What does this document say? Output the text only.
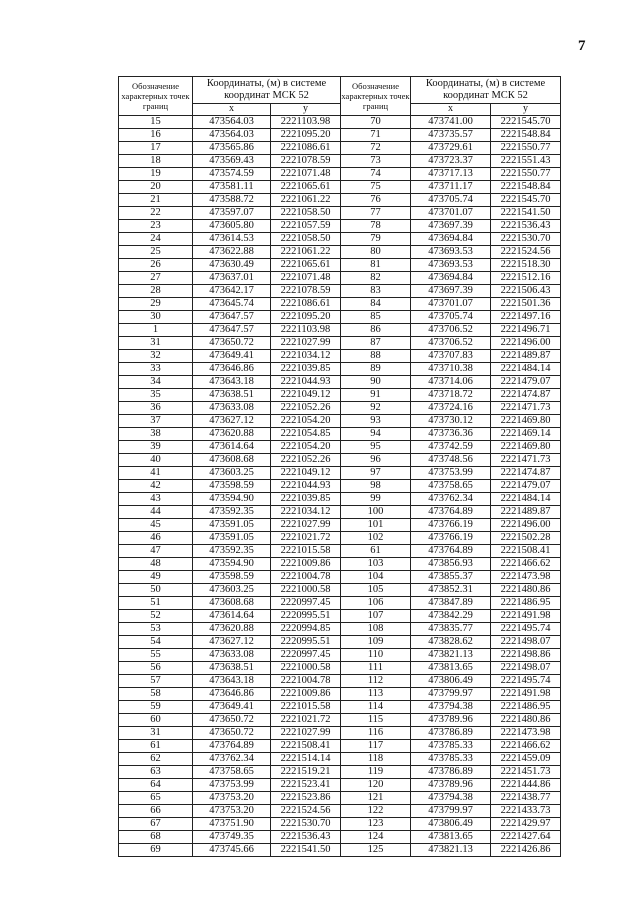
7
Обозначение характерных точек границ	Координаты, (м) в системе координат МСК 52		Обозначение характерных точек границ	Координаты, (м) в системе координат МСК 52	
	x	y		x	y
15	473564.03	2221103.98	70	473741.00	2221545.70
16	473564.03	2221095.20	71	473735.57	2221548.84
17	473565.86	2221086.61	72	473729.61	2221550.77
18	473569.43	2221078.59	73	473723.37	2221551.43
19	473574.59	2221071.48	74	473717.13	2221550.77
20	473581.11	2221065.61	75	473711.17	2221548.84
21	473588.72	2221061.22	76	473705.74	2221545.70
22	473597.07	2221058.50	77	473701.07	2221541.50
23	473605.80	2221057.59	78	473697.39	2221536.43
24	473614.53	2221058.50	79	473694.84	2221530.70
25	473622.88	2221061.22	80	473693.53	2221524.56
26	473630.49	2221065.61	81	473693.53	2221518.30
27	473637.01	2221071.48	82	473694.84	2221512.16
28	473642.17	2221078.59	83	473697.39	2221506.43
29	473645.74	2221086.61	84	473701.07	2221501.36
30	473647.57	2221095.20	85	473705.74	2221497.16
1	473647.57	2221103.98	86	473706.52	2221496.71
31	473650.72	2221027.99	87	473706.52	2221496.00
32	473649.41	2221034.12	88	473707.83	2221489.87
33	473646.86	2221039.85	89	473710.38	2221484.14
34	473643.18	2221044.93	90	473714.06	2221479.07
35	473638.51	2221049.12	91	473718.72	2221474.87
36	473633.08	2221052.26	92	473724.16	2221471.73
37	473627.12	2221054.20	93	473730.12	2221469.80
38	473620.88	2221054.85	94	473736.36	2221469.14
39	473614.64	2221054.20	95	473742.59	2221469.80
40	473608.68	2221052.26	96	473748.56	2221471.73
41	473603.25	2221049.12	97	473753.99	2221474.87
42	473598.59	2221044.93	98	473758.65	2221479.07
43	473594.90	2221039.85	99	473762.34	2221484.14
44	473592.35	2221034.12	100	473764.89	2221489.87
45	473591.05	2221027.99	101	473766.19	2221496.00
46	473591.05	2221021.72	102	473766.19	2221502.28
47	473592.35	2221015.58	61	473764.89	2221508.41
48	473594.90	2221009.86	103	473856.93	2221466.62
49	473598.59	2221004.78	104	473855.37	2221473.98
50	473603.25	2221000.58	105	473852.31	2221480.86
51	473608.68	2220997.45	106	473847.89	2221486.95
52	473614.64	2220995.51	107	473842.29	2221491.98
53	473620.88	2220994.85	108	473835.77	2221495.74
54	473627.12	2220995.51	109	473828.62	2221498.07
55	473633.08	2220997.45	110	473821.13	2221498.86
56	473638.51	2221000.58	111	473813.65	2221498.07
57	473643.18	2221004.78	112	473806.49	2221495.74
58	473646.86	2221009.86	113	473799.97	2221491.98
59	473649.41	2221015.58	114	473794.38	2221486.95
60	473650.72	2221021.72	115	473789.96	2221480.86
31	473650.72	2221027.99	116	473786.89	2221473.98
61	473764.89	2221508.41	117	473785.33	2221466.62
62	473762.34	2221514.14	118	473785.33	2221459.09
63	473758.65	2221519.21	119	473786.89	2221451.73
64	473753.99	2221523.41	120	473789.96	2221444.86
65	473753.20	2221523.86	121	473794.38	2221438.77
66	473753.20	2221524.56	122	473799.97	2221433.73
67	473751.90	2221530.70	123	473806.49	2221429.97
68	473749.35	2221536.43	124	473813.65	2221427.64
69	473745.66	2221541.50	125	473821.13	2221426.86
